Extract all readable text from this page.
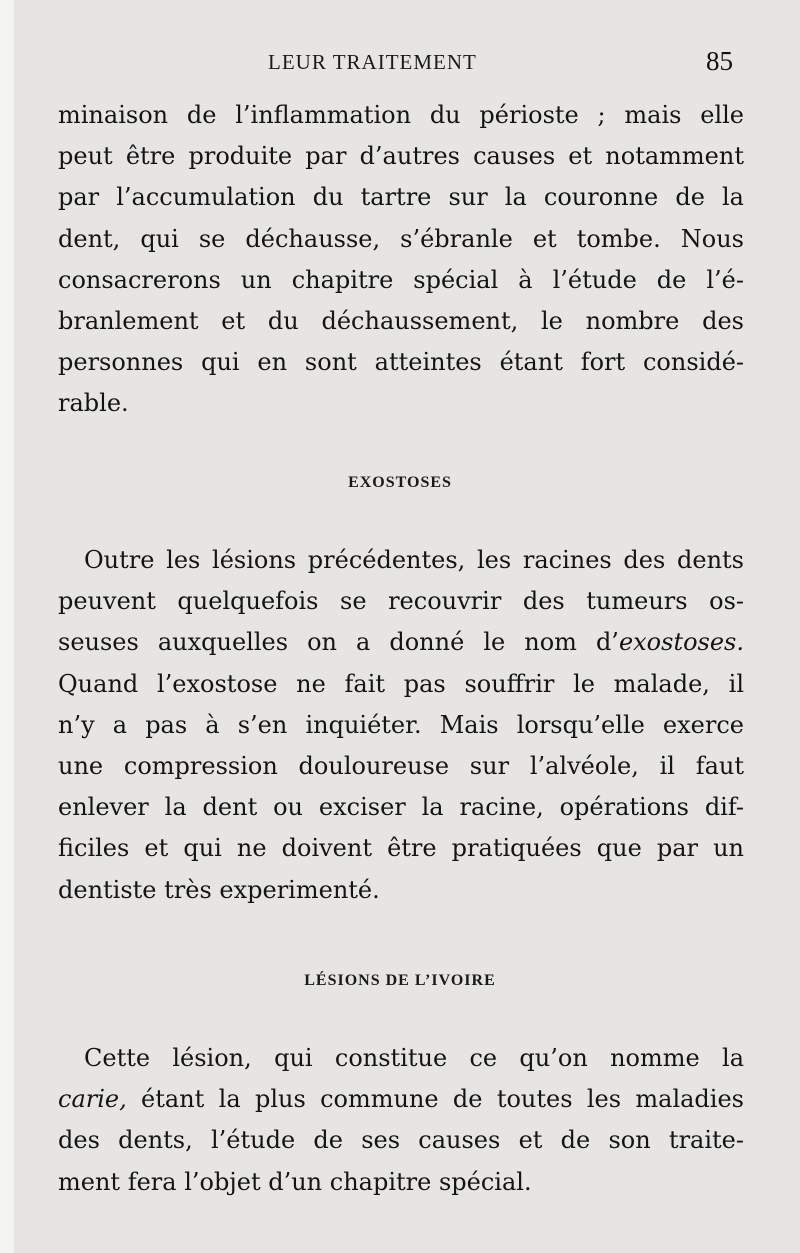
LEUR TRAITEMENT	85
minaison de l’inflammation du périoste ; mais elle
peut être produite par d’autres causes et notamment
par l’accumulation du tartre sur la couronne de la
dent, qui se déchausse, s’ébranle et tombe. Nous
consacrerons un chapitre spécial à l’étude de l’é-
branlement et du déchaussement, le nombre des
personnes qui en sont atteintes étant fort considé-
rable.
EXOSTOSES
Outre les lésions précédentes, les racines des dents
peuvent quelquefois se recouvrir des tumeurs os-
seuses auxquelles on a donné le nom d’exostoses.
Quand l’exostose ne fait pas souffrir le malade, il
n’y a pas à s’en inquiéter. Mais lorsqu’elle exerce
une compression douloureuse sur l’alvéole, il faut
enlever la dent ou exciser la racine, opérations dif-
ficiles et qui ne doivent être pratiquées que par un
dentiste très experimenté.
LÉSIONS DE L’IVOIRE
Cette lésion, qui constitue ce qu’on nomme la
carie, étant la plus commune de toutes les maladies
des dents, l’étude de ses causes et de son traite-
ment fera l’objet d’un chapitre spécial.
